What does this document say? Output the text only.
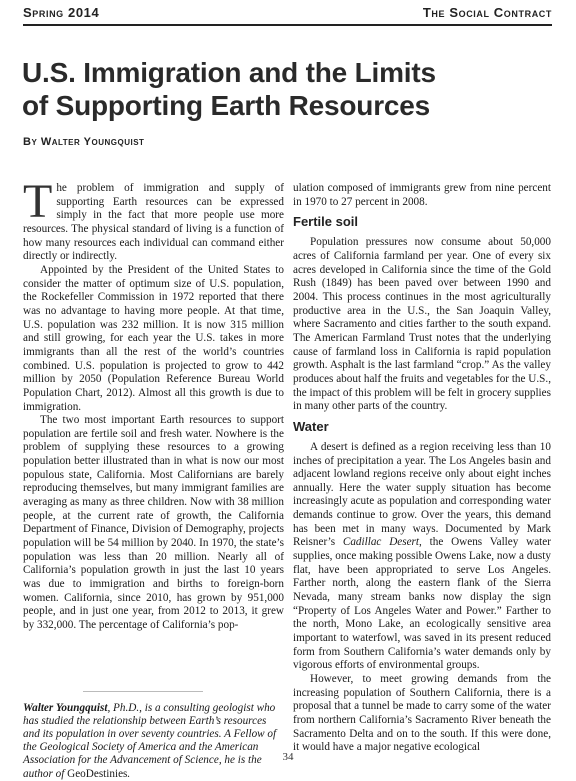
Spring 2014	The Social Contract
U.S. Immigration and the Limits
of Supporting Earth Resources
By Walter Youngquist

The problem of immigration and supply of supporting Earth resources can be expressed simply in the fact that more people use more resources. The physical standard of living is a function of how many resources each individual can command either directly or indirectly.

Appointed by the President of the United States to consider the matter of optimum size of U.S. population, the Rockefeller Commission in 1972 reported that there was no advantage to having more people. At that time, U.S. population was 232 million. It is now 315 million and still growing, for each year the U.S. takes in more immigrants than all the rest of the world’s countries combined. U.S. population is projected to grow to 442 million by 2050 (Population Reference Bureau World Population Chart, 2012). Almost all this growth is due to immigration.

The two most important Earth resources to support population are fertile soil and fresh water. Nowhere is the problem of supplying these resources to a growing population better illustrated than in what is now our most populous state, California. Most Californians are barely reproducing themselves, but many immigrant families are averaging as many as three children. Now with 38 million people, at the current rate of growth, the California Department of Finance, Division of Demography, projects population will be 54 million by 2040. In 1970, the state’s population was less than 20 million. Nearly all of California’s population growth in just the last 10 years was due to immigration and births to foreign-born women. California, since 2010, has grown by 951,000 people, and in just one year, from 2012 to 2013, it grew by 332,000. The percentage of California’s pop-

Walter Youngquist, Ph.D., is a consulting geologist who has studied the relationship between Earth’s resources and its population in over seventy countries. A Fellow of the Geological Society of America and the American Association for the Advancement of Science, he is the author of GeoDestinies.

ulation composed of immigrants grew from nine percent in 1970 to 27 percent in 2008.

Fertile soil

Population pressures now consume about 50,000 acres of California farmland per year. One of every six acres developed in California since the time of the Gold Rush (1849) has been paved over between 1990 and 2004. This process continues in the most agriculturally productive area in the U.S., the San Joaquin Valley, where Sacramento and cities farther to the south expand. The American Farmland Trust notes that the underlying cause of farmland loss in California is rapid population growth. Asphalt is the last farmland “crop.” As the valley produces about half the fruits and vegetables for the U.S., the impact of this problem will be felt in grocery supplies in many other parts of the country.

Water

A desert is defined as a region receiving less than 10 inches of precipitation a year. The Los Angeles basin and adjacent lowland regions receive only about eight inches annually. Here the water supply situation has become increasingly acute as population and corresponding water demands continue to grow. Over the years, this demand has been met in many ways. Documented by Mark Reisner’s Cadillac Desert, the Owens Valley water supplies, once making possible Owens Lake, now a dusty flat, have been appropriated to serve Los Angeles. Farther north, along the eastern flank of the Sierra Nevada, many stream banks now display the sign “Property of Los Angeles Water and Power.” Farther to the north, Mono Lake, an ecologically sensitive area important to waterfowl, was saved in its present reduced form from Southern California’s water demands only by vigorous efforts of environmental groups.

However, to meet growing demands from the increasing population of Southern California, there is a proposal that a tunnel be made to carry some of the water from northern California’s Sacramento River beneath the Sacramento Delta and on to the south. If this were done, it would have a major negative ecological

34
